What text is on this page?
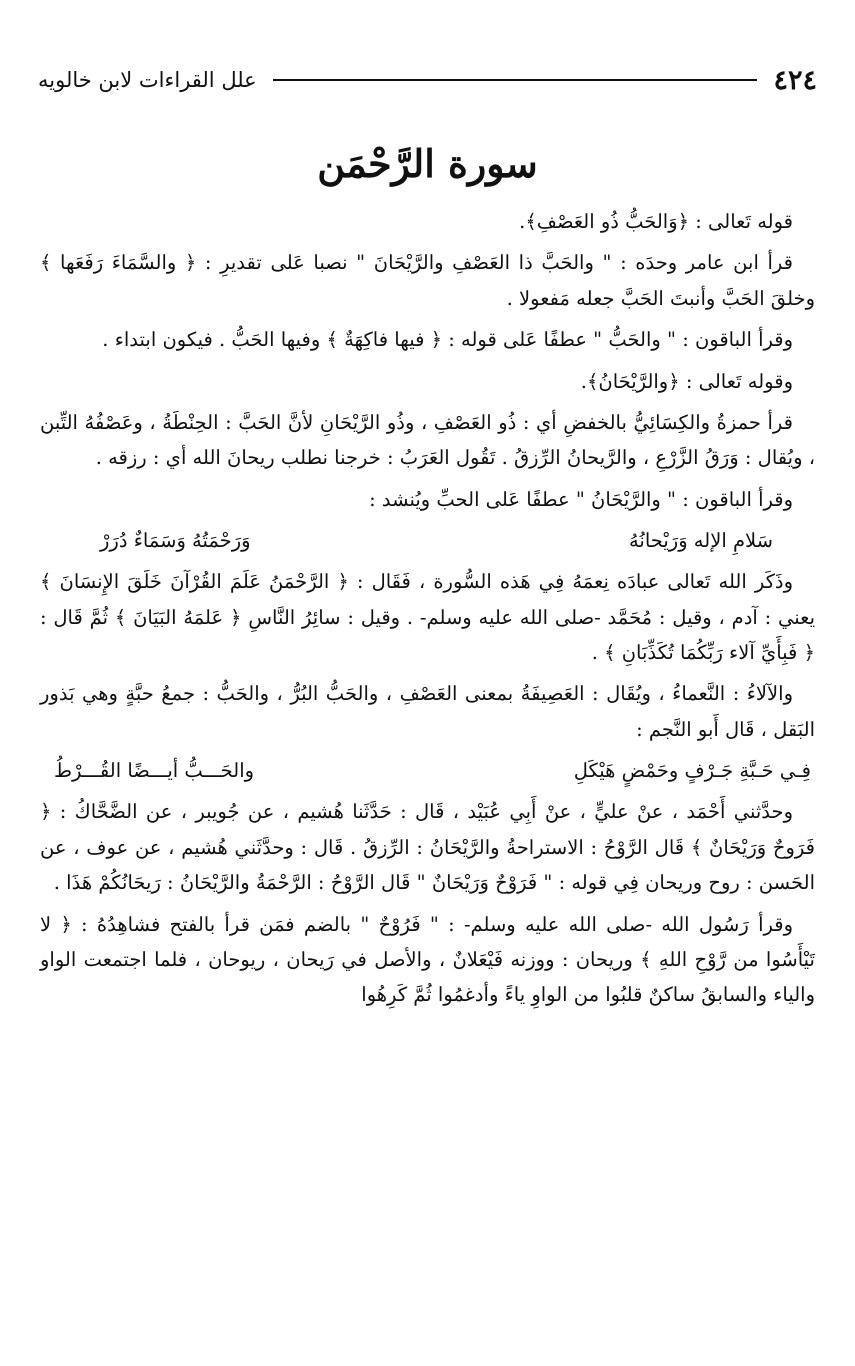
٤٢٤
علل القراءات لابن خالويه
سورة الرَّحْمَن

قوله تَعالى : ﴿وَالحَبُّ ذُو العَصْفِ﴾.

قرأ ابن عامر وحدَه : " والحَبَّ ذا العَصْفِ والرَّيْحَانَ " نصبا عَلى تقديرِ : ﴿ والسَّمَاءَ رَفَعَها ﴾ وخلقَ الحَبَّ وأنبتَ الحَبَّ جعله مَفعولا .

وقرأ الباقون : " والحَبُّ " عطفًا عَلى قوله : ﴿ فيها فاكِهَةٌ ﴾ وفيها الحَبُّ . فيكون ابتداء .

وقوله تَعالى : ﴿والرَّيْحَانُ﴾.

قرأ حمزةُ والكِسَائِيُّ بالخفضِ أي : ذُو العَصْفِ ، وذُو الرَّيْحَانِ لأنَّ الحَبَّ : الحِنْطَةُ ، وعَصْفُهُ التِّبن ، ويُقال : وَرَقُ الزَّرْعِ ، والرَّيحانُ الرِّزقُ . تَقُول العَرَبُ : خرجنا نطلب ريحانَ الله أي : رزقه .

وقرأ الباقون : " والرَّيْحَانُ " عطفًا عَلى الحبِّ ويُنشد :

سَلامِ الإله وَرَيْحانُهُ
وَرَحْمَتُهُ وَسَمَاءٌ دُرَرْ

وذَكَر الله تَعالى عبادَه نِعمَهُ فِي هَذه السُّورة ، فَقَال : ﴿ الرَّحْمَنُ عَلَمَ القُرْآنَ خَلَقَ الإِنسَانَ ﴾ يعني : آدم ، وقيل : مُحَمَّد -صلى الله عليه وسلم- . وقيل : سائِرُ النَّاسِ ﴿ عَلمَهُ البَيَانَ ﴾ ثُمَّ قَال : ﴿ فَبِأَيِّ آلاء رَبِّكُمَا تُكَذِّبَانِ ﴾ .

والآلاءُ : النَّعماءُ ، ويُقَال : العَصِيفَةُ بمعنى العَصْفِ ، والحَبُّ البُرُّ ، والحَبُّ : جمعُ حبَّةٍ وهي بَذور البَقل ، قَال أَبو النَّجم :

فِـي حَـبَّةِ جَـرْفٍ وحَمْضٍ هَيْكَلِ
والحَـــبُّ أيـــضًا القُـــرْطُ

وحدَّثني أَحْمَد ، عنْ عليٍّ ، عنْ أَبِي عُبَيْد ، قَال : حَدَّثَنا هُشيم ، عن جُويبر ، عن الضَّحَّاكُ : ﴿ فَرَوحٌ وَرَيْحَانٌ ﴾ قَال الرَّوْحُ : الاستراحةُ والرَّيْحَانُ : الرِّزقُ . قَال : وحدَّثَني هُشيم ، عن عوف ، عن الحَسن : روح وريحان فِي قوله : " فَرَوْحٌ وَرَيْحَانٌ " قَال الرَّوْحُ : الرَّحْمَةُ والرَّيْحَانُ : رَيحَانُكُمْ هَذَا .

وقرأ رَسُول الله -صلى الله عليه وسلم- : " فَرُوْحٌ " بالضم فمَن قرأ بالفتح فشاهِدُهُ : ﴿ لا تَيْأَسُوا من رَّوْحِ اللهِ ﴾ وريحان : ووزنه فَيْعَلانٌ ، والأصل في رَيحان ، ريوحان ، فلما اجتمعت الواو والياء والسابقُ ساكنٌ قلبُوا من الواوِ ياءً وأدغمُوا ثُمَّ كَرِهُوا
